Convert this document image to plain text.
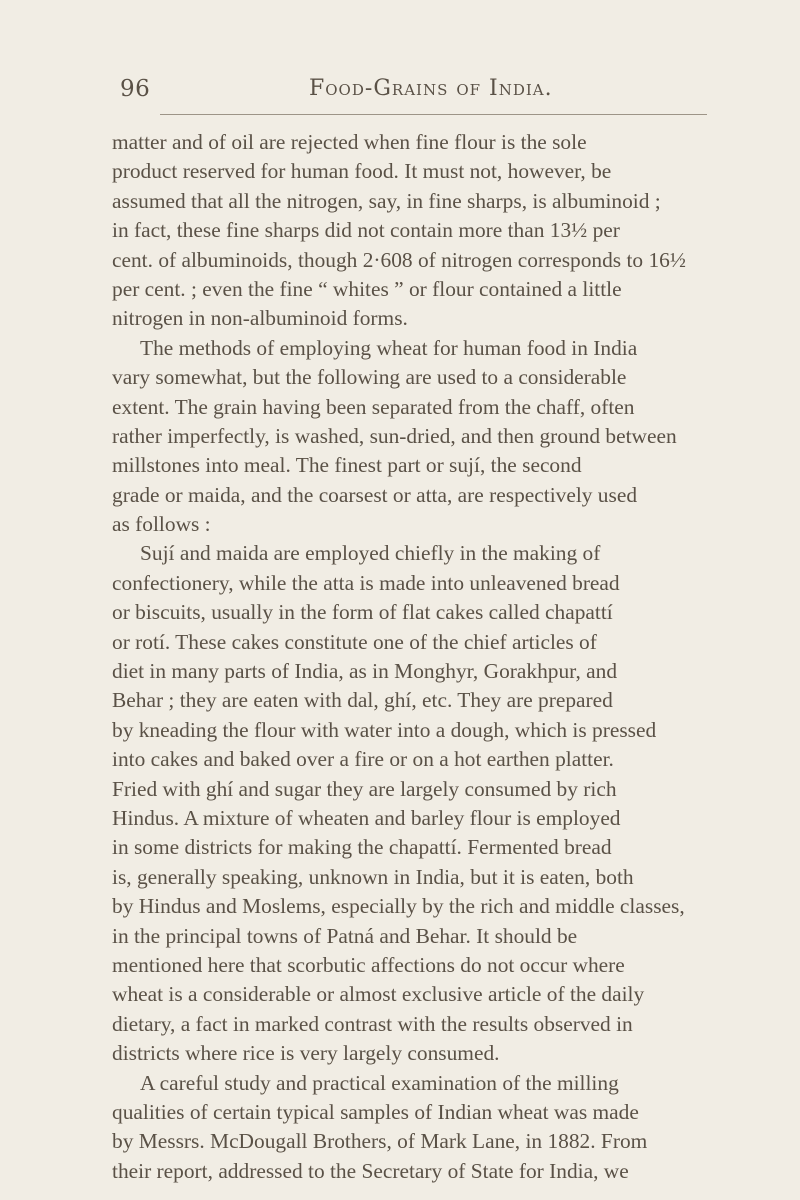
96	Food-Grains of India.
matter and of oil are rejected when fine flour is the sole
product reserved for human food. It must not, however, be
assumed that all the nitrogen, say, in fine sharps, is albuminoid ;
in fact, these fine sharps did not contain more than 13½ per
cent. of albuminoids, though 2·608 of nitrogen corresponds to 16½
per cent. ; even the fine “ whites ” or flour contained a little
nitrogen in non-albuminoid forms.
The methods of employing wheat for human food in India
vary somewhat, but the following are used to a considerable
extent. The grain having been separated from the chaff, often
rather imperfectly, is washed, sun-dried, and then ground between
millstones into meal. The finest part or sují, the second
grade or maida, and the coarsest or atta, are respectively used
as follows :
Sují and maida are employed chiefly in the making of
confectionery, while the atta is made into unleavened bread
or biscuits, usually in the form of flat cakes called chapattí
or rotí. These cakes constitute one of the chief articles of
diet in many parts of India, as in Monghyr, Gorakhpur, and
Behar ; they are eaten with dal, ghí, etc. They are prepared
by kneading the flour with water into a dough, which is pressed
into cakes and baked over a fire or on a hot earthen platter.
Fried with ghí and sugar they are largely consumed by rich
Hindus. A mixture of wheaten and barley flour is employed
in some districts for making the chapattí. Fermented bread
is, generally speaking, unknown in India, but it is eaten, both
by Hindus and Moslems, especially by the rich and middle classes,
in the principal towns of Patná and Behar. It should be
mentioned here that scorbutic affections do not occur where
wheat is a considerable or almost exclusive article of the daily
dietary, a fact in marked contrast with the results observed in
districts where rice is very largely consumed.
A careful study and practical examination of the milling
qualities of certain typical samples of Indian wheat was made
by Messrs. McDougall Brothers, of Mark Lane, in 1882. From
their report, addressed to the Secretary of State for India, we
